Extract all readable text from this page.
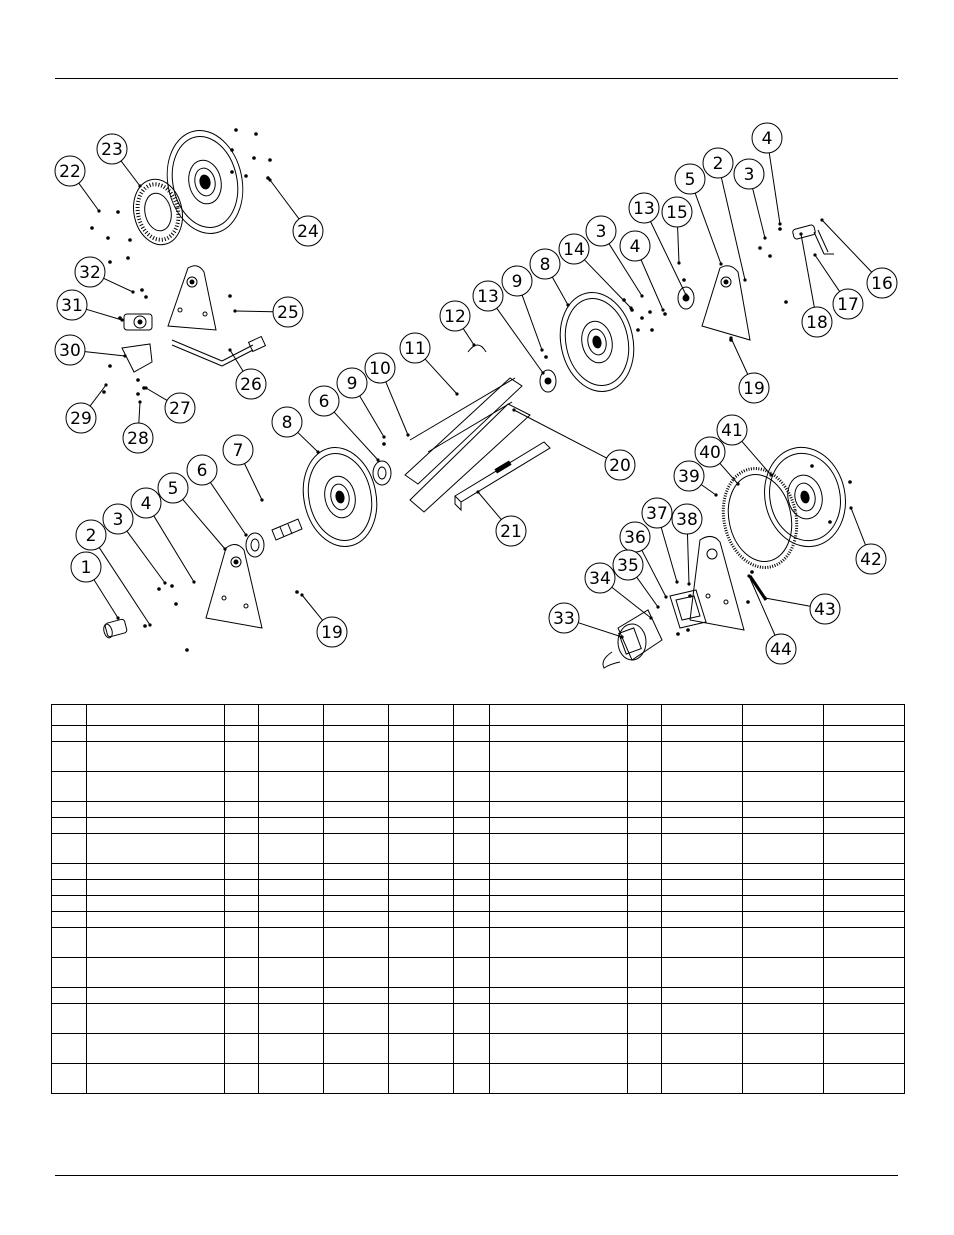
22
23
24
32
31	25
30
26
29	27
28
8
6
9
10
11
12
7
6
5
4
3
2
1
19
21
20
13
9
8
14
3
4
13 15
5
2
3
4
16
17
18
19
41
40
39
42
37 38
36
35
34
43
33
44
